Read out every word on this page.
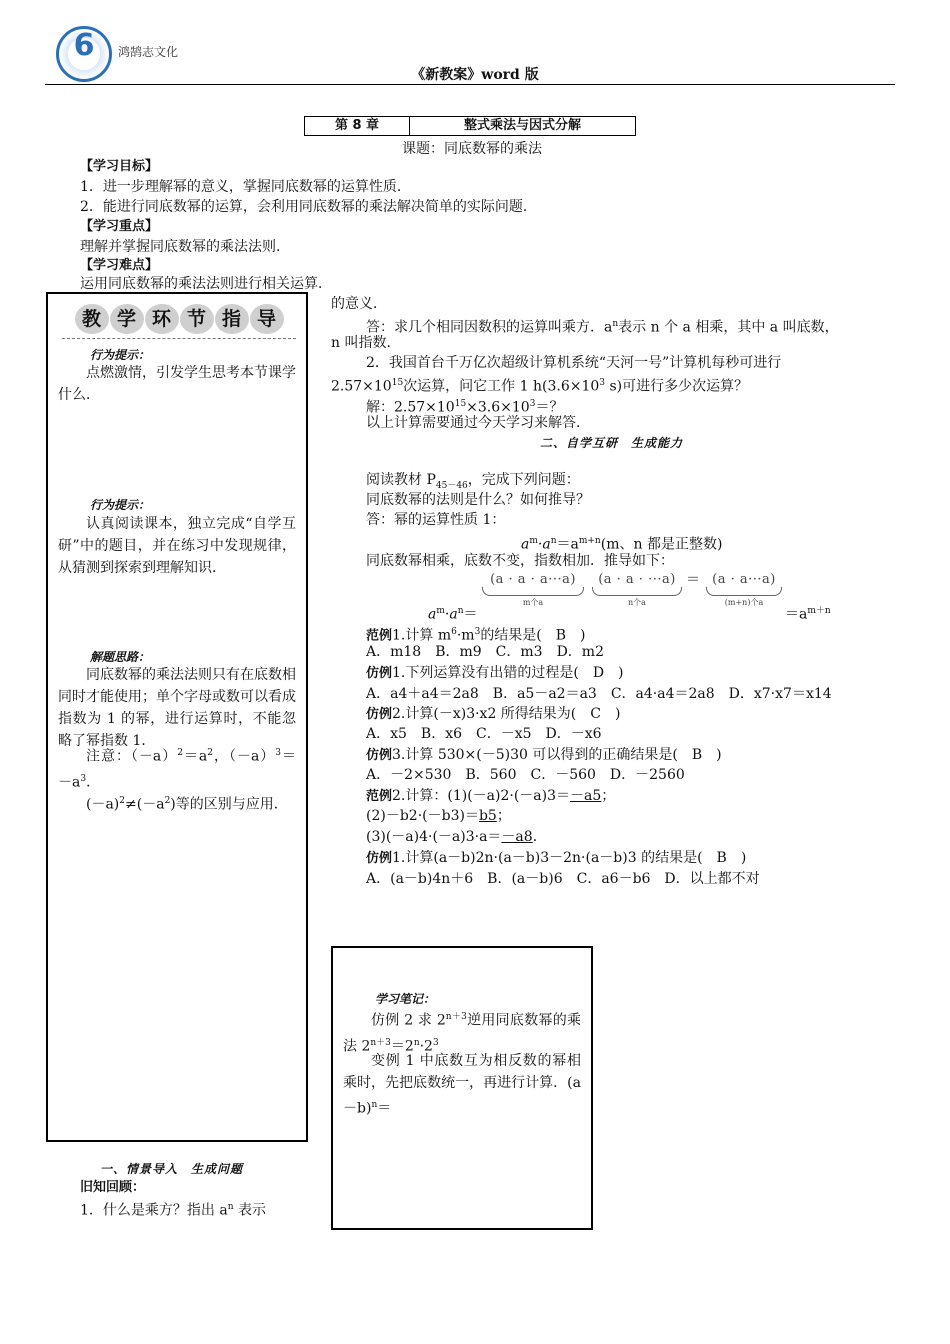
6	鸿鹄志文化
《新教案》word 版
第 8 章	整式乘法与因式分解
课题：同底数幂的乘法
【学习目标】
1．进一步理解幂的意义，掌握同底数幂的运算性质．
2．能进行同底数幂的运算，会利用同底数幂的乘法解决简单的实际问题．
【学习重点】
理解并掌握同底数幂的乘法法则．
【学习难点】
运用同底数幂的乘法法则进行相关运算．
教 学 环 节 指 导
行为提示：
点燃激情，引发学生思考本节课学什么．
行为提示：
认真阅读课本，独立完成“自学互研”中的题目，并在练习中发现规律，从猜测到探索到理解知识．
解题思路：
同底数幂的乘法法则只有在底数相同时才能使用；单个字母或数可以看成指数为 1 的幂，进行运算时，不能忽略了幂指数 1．
注意：$(-a)^2=a^2$，$(-a)^3=-a^3$．
$(-a)^2\ne(-a^2)$等的区别与应用．
一、情景导入　生成问题
旧知回顾：
1．什么是乘方？指出 $a^n$ 表示
的意义．
答：求几个相同因数积的运算叫乘方．$a^n$表示 n 个 a 相乘，其中 a 叫底数，
n 叫指数．
2．我国首台千万亿次超级计算机系统“天河一号”计算机每秒可进行
$2.57\times 10^{15}$次运算，问它工作 1 $h(3.6\times 10^3$ s)可进行多少次运算？
解：$2.57\times 10^{15}\times 3.6\times 10^3=$？
以上计算需要通过今天学习来解答．
二、自学互研　生成能力
阅读教材 $P_{45-46}$，完成下列问题：
同底数幂的法则是什么？如何推导？
答：幂的运算性质 1：
$a^m\cdot a^n=a^{m+n}(m$、n 都是正整数)
同底数幂相乘，底数不变，指数相加．推导如下：
(a · a · a···a)
m个a
(a · a · ···a)
n个a
＝ (a · a···a)
(m+n)个a
$a^m\cdot a^n=$	$=a^{m+n}$
范例1.计算 $m^6\cdot m^3$的结果是(　B　)
A．m18　B．m9　C．m3　D．m2
仿例1.下列运算没有出错的过程是(　D　)
A．a4＋a4＝2a8　B．a5－a2＝a3　C．a4·a4＝2a8　D．x7·x7＝x14
仿例2.计算(－x)3·x2 所得结果为(　C　)
A．x5　B．x6　C．－x5　D．－x6
仿例3.计算 530×(－5)30 可以得到的正确结果是(　B　)
A．－2×530　B．560　C．－560　D．－2560
范例2.计算：(1)(－a)2·(－a)3＝－a5；
(2)－b2·(－b3)＝b5；
(3)(－a)4·(－a)3·a＝－a8．
仿例1.计算(a－b)2n·(a－b)3－2n·(a－b)3 的结果是(　B　)
A．(a－b)4n＋6　B．(a－b)6　C．a6－b6　D．以上都不对
学习笔记：
仿例 2 求 $2^{n+3}$逆用同底数幂的乘法 $2^{n+3}=2^n\cdot 2^3$
变例 1 中底数互为相反数的幂相乘时，先把底数统一，再进行计算．$(a-b)^n=$
